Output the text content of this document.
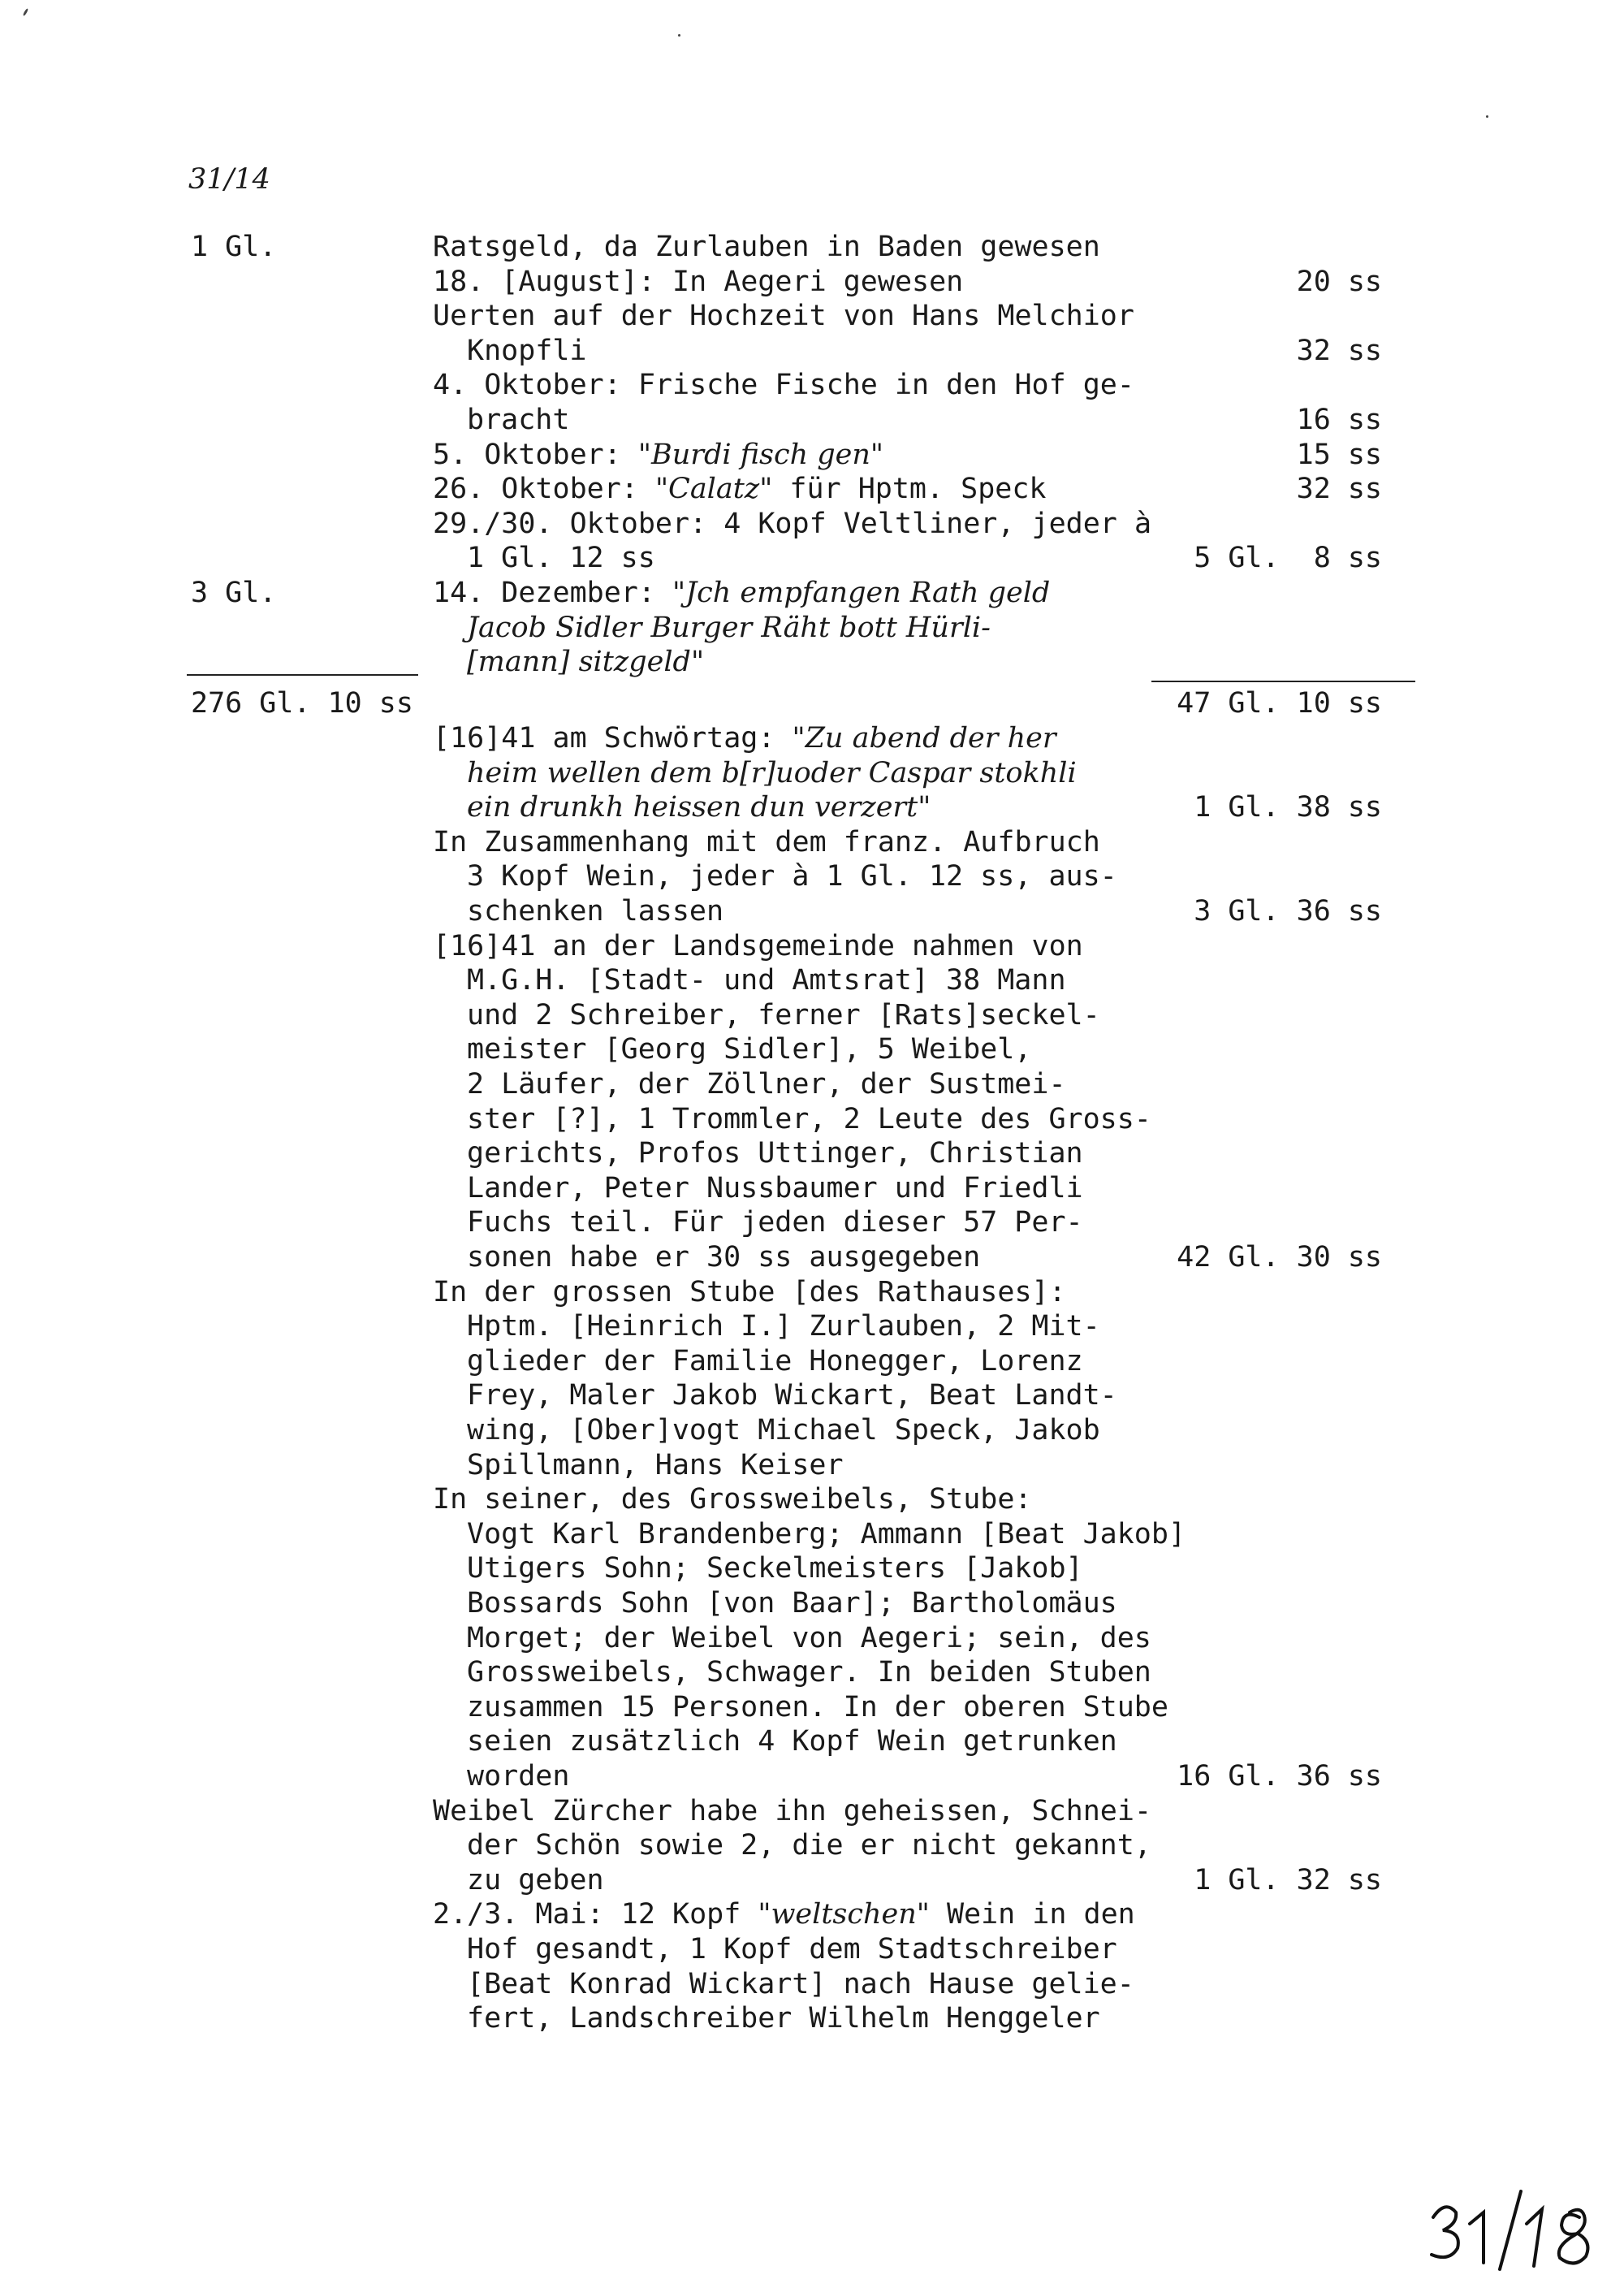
31/14
1 Gl.	Ratsgeld, da Zurlauben in Baden gewesen
18. [August]: In Aegeri gewesen	20 ss
Uerten auf der Hochzeit von Hans Melchior
Knopfli	32 ss
4. Oktober: Frische Fische in den Hof ge-
bracht	16 ss
5. Oktober: "Burdi fisch gen"	15 ss
26. Oktober: "Calatz" für Hptm. Speck	32 ss
29./30. Oktober: 4 Kopf Veltliner, jeder à
1 Gl. 12 ss	5 Gl.  8 ss
3 Gl.	14. Dezember: "Jch empfangen Rath geld
Jacob Sidler Burger Räht bott Hürli-
[mann] sitzgeld"
276 Gl. 10 ss	47 Gl. 10 ss
[16]41 am Schwörtag: "Zu abend der her
heim wellen dem b[r]uoder Caspar stokhli
ein drunkh heissen dun verzert"	1 Gl. 38 ss
In Zusammenhang mit dem franz. Aufbruch
3 Kopf Wein, jeder à 1 Gl. 12 ss, aus-
schenken lassen	3 Gl. 36 ss
[16]41 an der Landsgemeinde nahmen von
M.G.H. [Stadt- und Amtsrat] 38 Mann
und 2 Schreiber, ferner [Rats]seckel-
meister [Georg Sidler], 5 Weibel,
2 Läufer, der Zöllner, der Sustmei-
ster [?], 1 Trommler, 2 Leute des Gross-
gerichts, Profos Uttinger, Christian
Lander, Peter Nussbaumer und Friedli
Fuchs teil. Für jeden dieser 57 Per-
sonen habe er 30 ss ausgegeben	42 Gl. 30 ss
In der grossen Stube [des Rathauses]:
Hptm. [Heinrich I.] Zurlauben, 2 Mit-
glieder der Familie Honegger, Lorenz
Frey, Maler Jakob Wickart, Beat Landt-
wing, [Ober]vogt Michael Speck, Jakob
Spillmann, Hans Keiser
In seiner, des Grossweibels, Stube:
Vogt Karl Brandenberg; Ammann [Beat Jakob]
Utigers Sohn; Seckelmeisters [Jakob]
Bossards Sohn [von Baar]; Bartholomäus
Morget; der Weibel von Aegeri; sein, des
Grossweibels, Schwager. In beiden Stuben
zusammen 15 Personen. In der oberen Stube
seien zusätzlich 4 Kopf Wein getrunken
worden	16 Gl. 36 ss
Weibel Zürcher habe ihn geheissen, Schnei-
der Schön sowie 2, die er nicht gekannt,
zu geben	1 Gl. 32 ss
2./3. Mai: 12 Kopf "weltschen" Wein in den
Hof gesandt, 1 Kopf dem Stadtschreiber
[Beat Konrad Wickart] nach Hause gelie-
fert, Landschreiber Wilhelm Henggeler
